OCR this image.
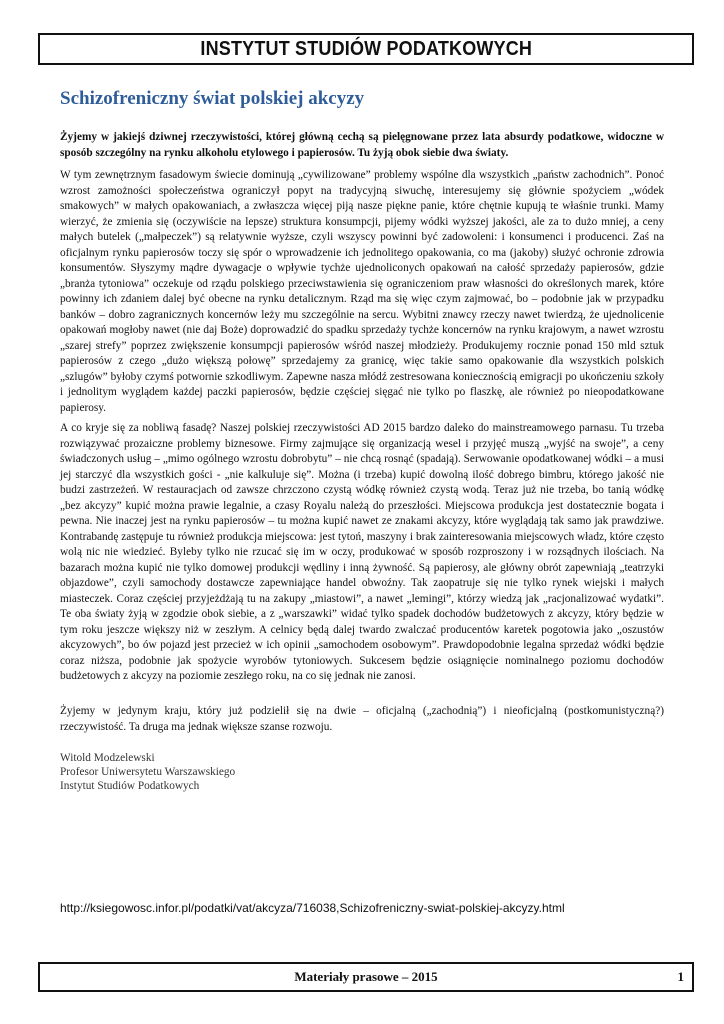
INSTYTUT STUDIÓW PODATKOWYCH
Schizofreniczny świat polskiej akcyzy

Żyjemy w jakiejś dziwnej rzeczywistości, której główną cechą są pielęgnowane przez lata absurdy podatkowe, widoczne w sposób szczególny na rynku alkoholu etylowego i papierosów. Tu żyją obok siebie dwa światy.

W tym zewnętrznym fasadowym świecie dominują „cywilizowane” problemy wspólne dla wszystkich „państw zachodnich”. Ponoć wzrost zamożności społeczeństwa ograniczył popyt na tradycyjną siwuchę, interesujemy się głównie spożyciem „wódek smakowych” w małych opakowaniach, a zwłaszcza więcej piją nasze piękne panie, które chętnie kupują te właśnie trunki. Mamy wierzyć, że zmienia się (oczywiście na lepsze) struktura konsumpcji, pijemy wódki wyższej jakości, ale za to dużo mniej, a ceny małych butelek („małpeczek”) są relatywnie wyższe, czyli wszyscy powinni być zadowoleni: i konsumenci i producenci. Zaś na oficjalnym rynku papierosów toczy się spór o wprowadzenie ich jednolitego opakowania, co ma (jakoby) służyć ochronie zdrowia konsumentów. Słyszymy mądre dywagacje o wpływie tychże ujednoliconych opakowań na całość sprzedaży papierosów, gdzie „branża tytoniowa” oczekuje od rządu polskiego przeciwstawienia się ograniczeniom praw własności do określonych marek, które powinny ich zdaniem dalej być obecne na rynku detalicznym. Rząd ma się więc czym zajmować, bo – podobnie jak w przypadku banków – dobro zagranicznych koncernów leży mu szczególnie na sercu. Wybitni znawcy rzeczy nawet twierdzą, że ujednolicenie opakowań mogłoby nawet (nie daj Boże) doprowadzić do spadku sprzedaży tychże koncernów na rynku krajowym, a nawet wzrostu „szarej strefy” poprzez zwiększenie konsumpcji papierosów wśród naszej młodzieży. Produkujemy rocznie ponad 150 mld sztuk papierosów z czego „dużo większą połowę” sprzedajemy za granicę, więc takie samo opakowanie dla wszystkich polskich „szlugów” byłoby czymś potwornie szkodliwym. Zapewne nasza młódź zestresowana koniecznością emigracji po ukończeniu szkoły i jednolitym wyglądem każdej paczki papierosów, będzie częściej sięgać nie tylko po flaszkę, ale również po nieopodatkowane papierosy.

A co kryje się za nobliwą fasadę? Naszej polskiej rzeczywistości AD 2015 bardzo daleko do mainstreamowego parnasu. Tu trzeba rozwiązywać prozaiczne problemy biznesowe. Firmy zajmujące się organizacją wesel i przyjęć muszą „wyjść na swoje”, a ceny świadczonych usług – „mimo ogólnego wzrostu dobrobytu” – nie chcą rosnąć (spadają). Serwowanie opodatkowanej wódki – a musi jej starczyć dla wszystkich gości - „nie kalkuluje się”. Można (i trzeba) kupić dowolną ilość dobrego bimbru, którego jakość nie budzi zastrzeżeń. W restauracjach od zawsze chrzczono czystą wódkę również czystą wodą. Teraz już nie trzeba, bo tanią wódkę „bez akcyzy” kupić można prawie legalnie, a czasy Royalu należą do przeszłości. Miejscowa produkcja jest dostatecznie bogata i pewna. Nie inaczej jest na rynku papierosów – tu można kupić nawet ze znakami akcyzy, które wyglądają tak samo jak prawdziwe. Kontrabandę zastępuje tu również produkcja miejscowa: jest tytoń, maszyny i brak zainteresowania miejscowych władz, które często wolą nic nie wiedzieć. Byleby tylko nie rzucać się im w oczy, produkować w sposób rozproszony i w rozsądnych ilościach. Na bazarach można kupić nie tylko domowej produkcji wędliny i inną żywność. Są papierosy, ale główny obrót zapewniają „teatrzyki objazdowe”, czyli samochody dostawcze zapewniające handel obwoźny. Tak zaopatruje się nie tylko rynek wiejski i małych miasteczek. Coraz częściej przyjeżdżają tu na zakupy „miastowi”, a nawet „lemingi”, którzy wiedzą jak „racjonalizować wydatki”. Te oba światy żyją w zgodzie obok siebie, a z „warszawki” widać tylko spadek dochodów budżetowych z akcyzy, który będzie w tym roku jeszcze większy niż w zeszłym. A celnicy będą dalej twardo zwalczać producentów karetek pogotowia jako „oszustów akcyzowych”, bo ów pojazd jest przecież w ich opinii „samochodem osobowym”. Prawdopodobnie legalna sprzedaż wódki będzie coraz niższa, podobnie jak spożycie wyrobów tytoniowych. Sukcesem będzie osiągnięcie nominalnego poziomu dochodów budżetowych z akcyzy na poziomie zeszłego roku, na co się jednak nie zanosi.

Żyjemy w jedynym kraju, który już podzielił się na dwie – oficjalną („zachodnią”) i nieoficjalną (postkomunistyczną?) rzeczywistość. Ta druga ma jednak większe szanse rozwoju.

Witold Modzelewski
Profesor Uniwersytetu Warszawskiego
Instytut Studiów Podatkowych
http://ksiegowosc.infor.pl/podatki/vat/akcyza/716038,Schizofreniczny-swiat-polskiej-akcyzy.html
Materiały prasowe – 2015	1
